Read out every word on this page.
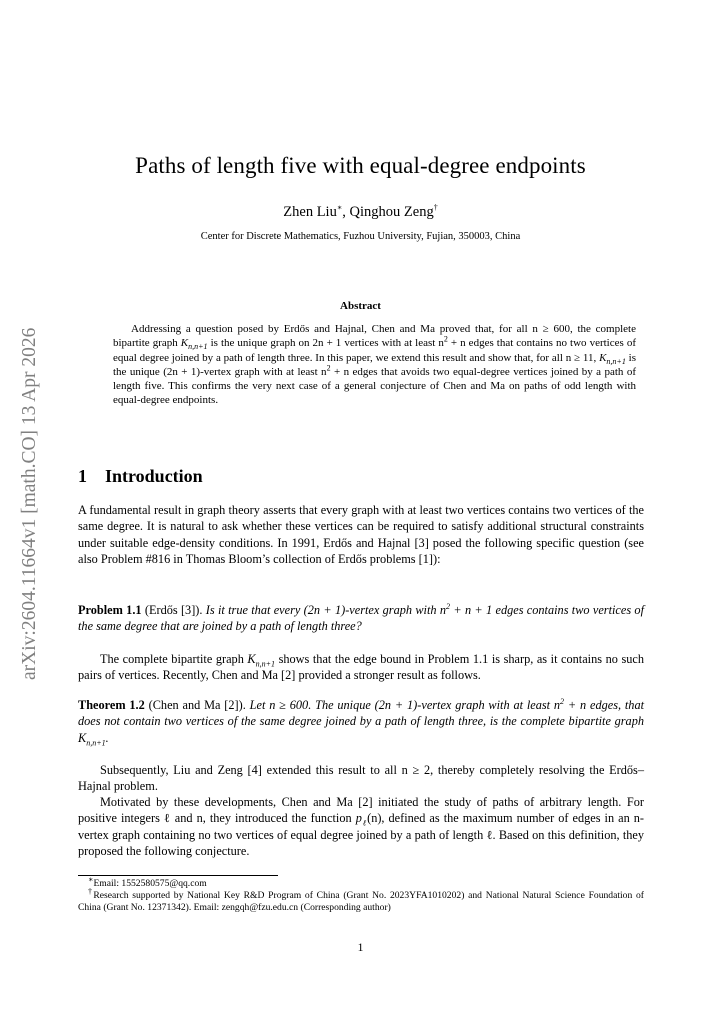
arXiv:2604.11664v1 [math.CO] 13 Apr 2026
Paths of length five with equal-degree endpoints
Zhen Liu∗, Qinghou Zeng†
Center for Discrete Mathematics, Fuzhou University, Fujian, 350003, China
Abstract
Addressing a question posed by Erdős and Hajnal, Chen and Ma proved that, for all n ≥ 600, the complete bipartite graph $K_{n,n+1}$ is the unique graph on 2n + 1 vertices with at least $n^2 + n$ edges that contains no two vertices of equal degree joined by a path of length three. In this paper, we extend this result and show that, for all n ≥ 11, $K_{n,n+1}$ is the unique (2n + 1)-vertex graph with at least $n^2 + n$ edges that avoids two equal-degree vertices joined by a path of length five. This confirms the very next case of a general conjecture of Chen and Ma on paths of odd length with equal-degree endpoints.
1 Introduction
A fundamental result in graph theory asserts that every graph with at least two vertices contains two vertices of the same degree. It is natural to ask whether these vertices can be required to satisfy additional structural constraints under suitable edge-density conditions. In 1991, Erdős and Hajnal [3] posed the following specific question (see also Problem #816 in Thomas Bloom’s collection of Erdős problems [1]):
Problem 1.1 (Erdős [3]). Is it true that every (2n + 1)-vertex graph with $n^2 + n + 1$ edges contains two vertices of the same degree that are joined by a path of length three?
The complete bipartite graph $K_{n,n+1}$ shows that the edge bound in Problem 1.1 is sharp, as it contains no such pairs of vertices. Recently, Chen and Ma [2] provided a stronger result as follows.
Theorem 1.2 (Chen and Ma [2]). Let n ≥ 600. The unique (2n + 1)-vertex graph with at least $n^2 + n$ edges, that does not contain two vertices of the same degree joined by a path of length three, is the complete bipartite graph $K_{n,n+1}$.
Subsequently, Liu and Zeng [4] extended this result to all n ≥ 2, thereby completely resolving the Erdős–Hajnal problem.
Motivated by these developments, Chen and Ma [2] initiated the study of paths of arbitrary length. For positive integers ℓ and n, they introduced the function $p_\ell(n)$, defined as the maximum number of edges in an n-vertex graph containing no two vertices of equal degree joined by a path of length ℓ. Based on this definition, they proposed the following conjecture.
∗Email: 1552580575@qq.com
†Research supported by National Key R&D Program of China (Grant No. 2023YFA1010202) and National Natural Science Foundation of China (Grant No. 12371342). Email: zengqh@fzu.edu.cn (Corresponding author)
1
